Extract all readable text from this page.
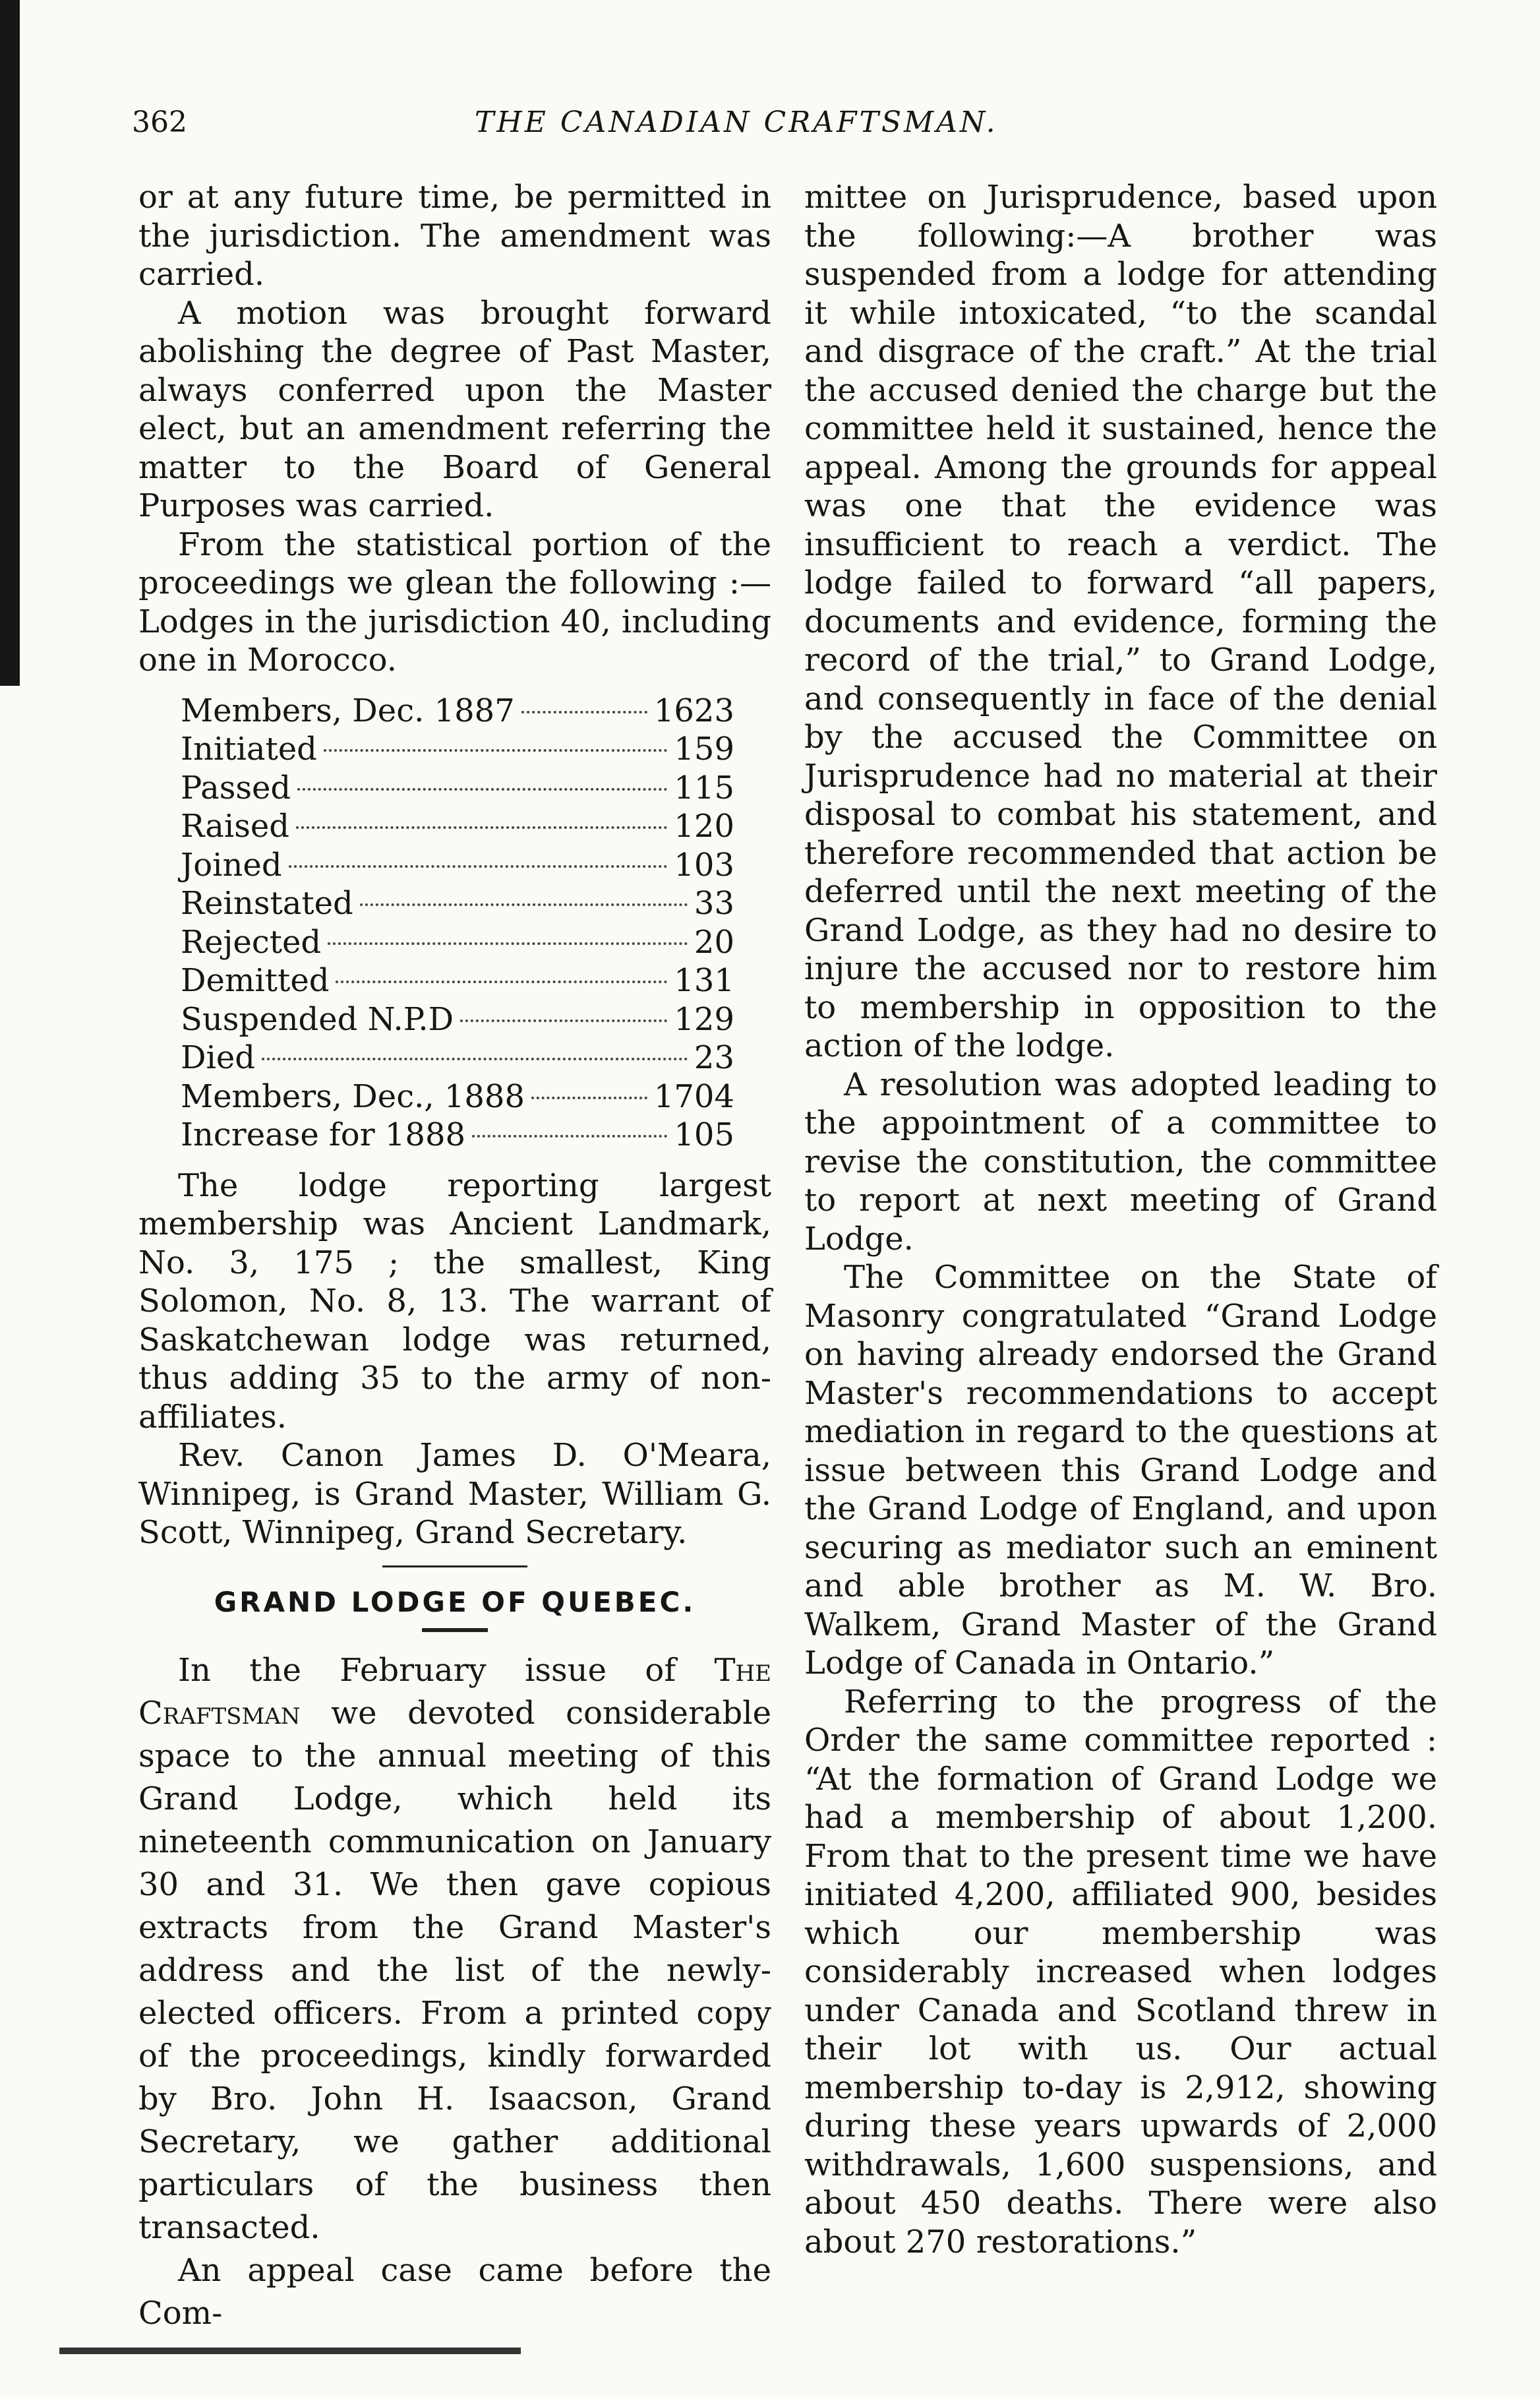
362	THE CANADIAN CRAFTSMAN.

or at any future time, be permitted in the jurisdiction. The amendment was carried.

A motion was brought forward abolishing the degree of Past Master, always conferred upon the Master elect, but an amendment referring the matter to the Board of General Purposes was carried.

From the statistical portion of the proceedings we glean the following :— Lodges in the jurisdiction 40, including one in Morocco.

Members, Dec. 1887	1623
Initiated	159
Passed	115
Raised	120
Joined	103
Reinstated	33
Rejected	20
Demitted	131
Suspended N.P.D	129
Died	23
Members, Dec., 1888	1704
Increase for 1888	105

The lodge reporting largest membership was Ancient Landmark, No. 3, 175 ; the smallest, King Solomon, No. 8, 13. The warrant of Saskatchewan lodge was returned, thus adding 35 to the army of non-affiliates.

Rev. Canon James D. O'Meara, Winnipeg, is Grand Master, William G. Scott, Winnipeg, Grand Secretary.

GRAND LODGE OF QUEBEC.

In the February issue of The Craftsman we devoted considerable space to the annual meeting of this Grand Lodge, which held its nineteenth communication on January 30 and 31. We then gave copious extracts from the Grand Master's address and the list of the newly-elected officers. From a printed copy of the proceedings, kindly forwarded by Bro. John H. Isaacson, Grand Secretary, we gather additional particulars of the business then transacted.

An appeal case came before the Com-

mittee on Jurisprudence, based upon the following:—A brother was suspended from a lodge for attending it while intoxicated, “to the scandal and disgrace of the craft.” At the trial the accused denied the charge but the committee held it sustained, hence the appeal. Among the grounds for appeal was one that the evidence was insufficient to reach a verdict. The lodge failed to forward “all papers, documents and evidence, forming the record of the trial,” to Grand Lodge, and consequently in face of the denial by the accused the Committee on Jurisprudence had no material at their disposal to combat his statement, and therefore recommended that action be deferred until the next meeting of the Grand Lodge, as they had no desire to injure the accused nor to restore him to membership in opposition to the action of the lodge.

A resolution was adopted leading to the appointment of a committee to revise the constitution, the committee to report at next meeting of Grand Lodge.

The Committee on the State of Masonry congratulated “Grand Lodge on having already endorsed the Grand Master's recommendations to accept mediation in regard to the questions at issue between this Grand Lodge and the Grand Lodge of England, and upon securing as mediator such an eminent and able brother as M. W. Bro. Walkem, Grand Master of the Grand Lodge of Canada in Ontario.”

Referring to the progress of the Order the same committee reported : “At the formation of Grand Lodge we had a membership of about 1,200. From that to the present time we have initiated 4,200, affiliated 900, besides which our membership was considerably increased when lodges under Canada and Scotland threw in their lot with us. Our actual membership to-day is 2,912, showing during these years upwards of 2,000 withdrawals, 1,600 suspensions, and about 450 deaths. There were also about 270 restorations.”
